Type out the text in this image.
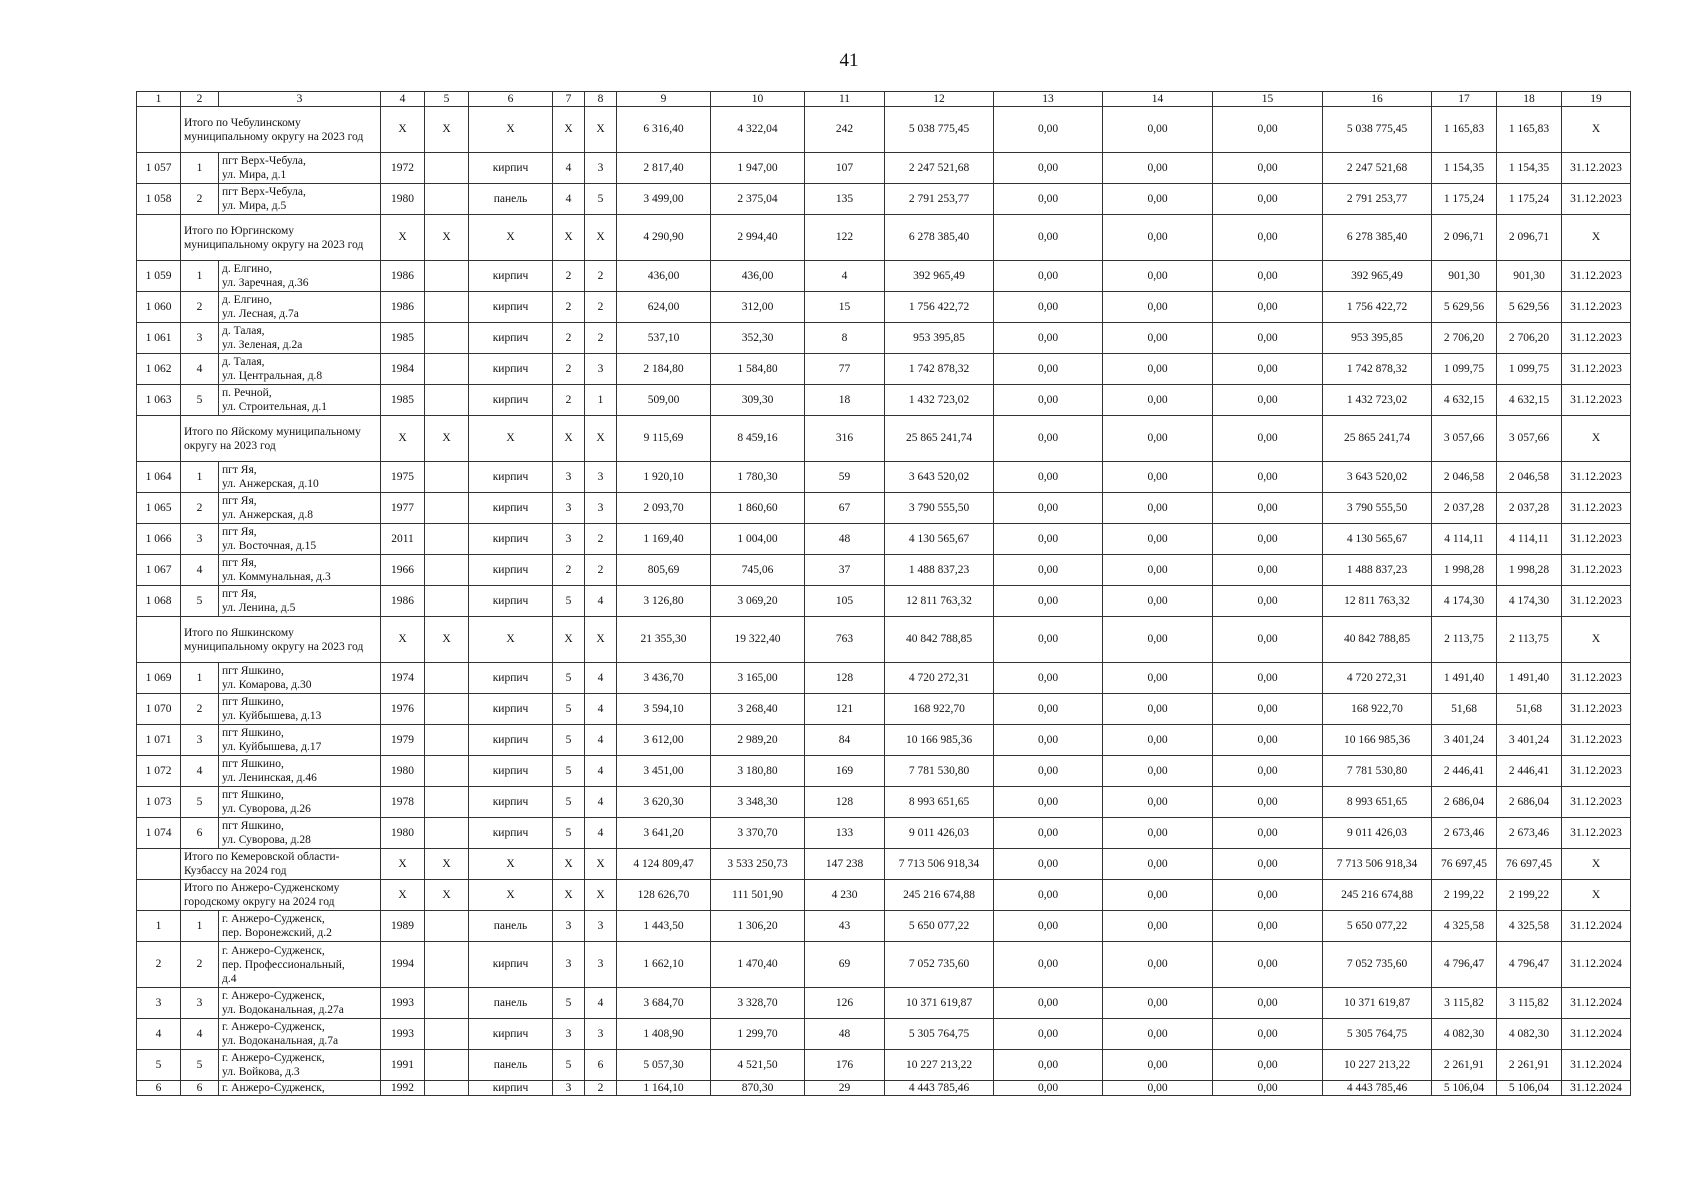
41
1	2	3	4	5	6	7	8	9	10	11	12	13	14	15	16	17	18	19
	Итого по Чебулинскому муниципальному округу на 2023 год		X	X	X	X	X	6 316,40	4 322,04	242	5 038 775,45	0,00	0,00	0,00	5 038 775,45	1 165,83	1 165,83	X
1 057	1	пгт Верх-Чебула,
ул. Мира, д.1	1972		кирпич	4	3	2 817,40	1 947,00	107	2 247 521,68	0,00	0,00	0,00	2 247 521,68	1 154,35	1 154,35	31.12.2023
1 058	2	пгт Верх-Чебула,
ул. Мира, д.5	1980		панель	4	5	3 499,00	2 375,04	135	2 791 253,77	0,00	0,00	0,00	2 791 253,77	1 175,24	1 175,24	31.12.2023
	Итого по Юргинскому муниципальному округу на 2023 год		X	X	X	X	X	4 290,90	2 994,40	122	6 278 385,40	0,00	0,00	0,00	6 278 385,40	2 096,71	2 096,71	X
1 059	1	д. Елгино,
ул. Заречная, д.36	1986		кирпич	2	2	436,00	436,00	4	392 965,49	0,00	0,00	0,00	392 965,49	901,30	901,30	31.12.2023
1 060	2	д. Елгино,
ул. Лесная, д.7а	1986		кирпич	2	2	624,00	312,00	15	1 756 422,72	0,00	0,00	0,00	1 756 422,72	5 629,56	5 629,56	31.12.2023
1 061	3	д. Талая,
ул. Зеленая, д.2а	1985		кирпич	2	2	537,10	352,30	8	953 395,85	0,00	0,00	0,00	953 395,85	2 706,20	2 706,20	31.12.2023
1 062	4	д. Талая,
ул. Центральная, д.8	1984		кирпич	2	3	2 184,80	1 584,80	77	1 742 878,32	0,00	0,00	0,00	1 742 878,32	1 099,75	1 099,75	31.12.2023
1 063	5	п. Речной,
ул. Строительная, д.1	1985		кирпич	2	1	509,00	309,30	18	1 432 723,02	0,00	0,00	0,00	1 432 723,02	4 632,15	4 632,15	31.12.2023
	Итого по Яйскому муниципальному округу на 2023 год		X	X	X	X	X	9 115,69	8 459,16	316	25 865 241,74	0,00	0,00	0,00	25 865 241,74	3 057,66	3 057,66	X
1 064	1	пгт Яя,
ул. Анжерская, д.10	1975		кирпич	3	3	1 920,10	1 780,30	59	3 643 520,02	0,00	0,00	0,00	3 643 520,02	2 046,58	2 046,58	31.12.2023
1 065	2	пгт Яя,
ул. Анжерская, д.8	1977		кирпич	3	3	2 093,70	1 860,60	67	3 790 555,50	0,00	0,00	0,00	3 790 555,50	2 037,28	2 037,28	31.12.2023
1 066	3	пгт Яя,
ул. Восточная, д.15	2011		кирпич	3	2	1 169,40	1 004,00	48	4 130 565,67	0,00	0,00	0,00	4 130 565,67	4 114,11	4 114,11	31.12.2023
1 067	4	пгт Яя,
ул. Коммунальная, д.3	1966		кирпич	2	2	805,69	745,06	37	1 488 837,23	0,00	0,00	0,00	1 488 837,23	1 998,28	1 998,28	31.12.2023
1 068	5	пгт Яя,
ул. Ленина, д.5	1986		кирпич	5	4	3 126,80	3 069,20	105	12 811 763,32	0,00	0,00	0,00	12 811 763,32	4 174,30	4 174,30	31.12.2023
	Итого по Яшкинскому муниципальному округу на 2023 год		X	X	X	X	X	21 355,30	19 322,40	763	40 842 788,85	0,00	0,00	0,00	40 842 788,85	2 113,75	2 113,75	X
1 069	1	пгт Яшкино,
ул. Комарова, д.30	1974		кирпич	5	4	3 436,70	3 165,00	128	4 720 272,31	0,00	0,00	0,00	4 720 272,31	1 491,40	1 491,40	31.12.2023
1 070	2	пгт Яшкино,
ул. Куйбышева, д.13	1976		кирпич	5	4	3 594,10	3 268,40	121	168 922,70	0,00	0,00	0,00	168 922,70	51,68	51,68	31.12.2023
1 071	3	пгт Яшкино,
ул. Куйбышева, д.17	1979		кирпич	5	4	3 612,00	2 989,20	84	10 166 985,36	0,00	0,00	0,00	10 166 985,36	3 401,24	3 401,24	31.12.2023
1 072	4	пгт Яшкино,
ул. Ленинская, д.46	1980		кирпич	5	4	3 451,00	3 180,80	169	7 781 530,80	0,00	0,00	0,00	7 781 530,80	2 446,41	2 446,41	31.12.2023
1 073	5	пгт Яшкино,
ул. Суворова, д.26	1978		кирпич	5	4	3 620,30	3 348,30	128	8 993 651,65	0,00	0,00	0,00	8 993 651,65	2 686,04	2 686,04	31.12.2023
1 074	6	пгт Яшкино,
ул. Суворова, д.28	1980		кирпич	5	4	3 641,20	3 370,70	133	9 011 426,03	0,00	0,00	0,00	9 011 426,03	2 673,46	2 673,46	31.12.2023
	Итого по Кемеровской области-Кузбассу на 2024 год		X	X	X	X	X	4 124 809,47	3 533 250,73	147 238	7 713 506 918,34	0,00	0,00	0,00	7 713 506 918,34	76 697,45	76 697,45	X
	Итого по Анжеро-Судженскому городскому округу на 2024 год		X	X	X	X	X	128 626,70	111 501,90	4 230	245 216 674,88	0,00	0,00	0,00	245 216 674,88	2 199,22	2 199,22	X
1	1	г. Анжеро-Судженск,
пер. Воронежский, д.2	1989		панель	3	3	1 443,50	1 306,20	43	5 650 077,22	0,00	0,00	0,00	5 650 077,22	4 325,58	4 325,58	31.12.2024
2	2	г. Анжеро-Судженск,
пер. Профессиональный,
д.4	1994		кирпич	3	3	1 662,10	1 470,40	69	7 052 735,60	0,00	0,00	0,00	7 052 735,60	4 796,47	4 796,47	31.12.2024
3	3	г. Анжеро-Судженск,
ул. Водоканальная, д.27а	1993		панель	5	4	3 684,70	3 328,70	126	10 371 619,87	0,00	0,00	0,00	10 371 619,87	3 115,82	3 115,82	31.12.2024
4	4	г. Анжеро-Судженск,
ул. Водоканальная, д.7а	1993		кирпич	3	3	1 408,90	1 299,70	48	5 305 764,75	0,00	0,00	0,00	5 305 764,75	4 082,30	4 082,30	31.12.2024
5	5	г. Анжеро-Судженск,
ул. Войкова, д.3	1991		панель	5	6	5 057,30	4 521,50	176	10 227 213,22	0,00	0,00	0,00	10 227 213,22	2 261,91	2 261,91	31.12.2024
6	6	г. Анжеро-Судженск,	1992		кирпич	3	2	1 164,10	870,30	29	4 443 785,46	0,00	0,00	0,00	4 443 785,46	5 106,04	5 106,04	31.12.2024
